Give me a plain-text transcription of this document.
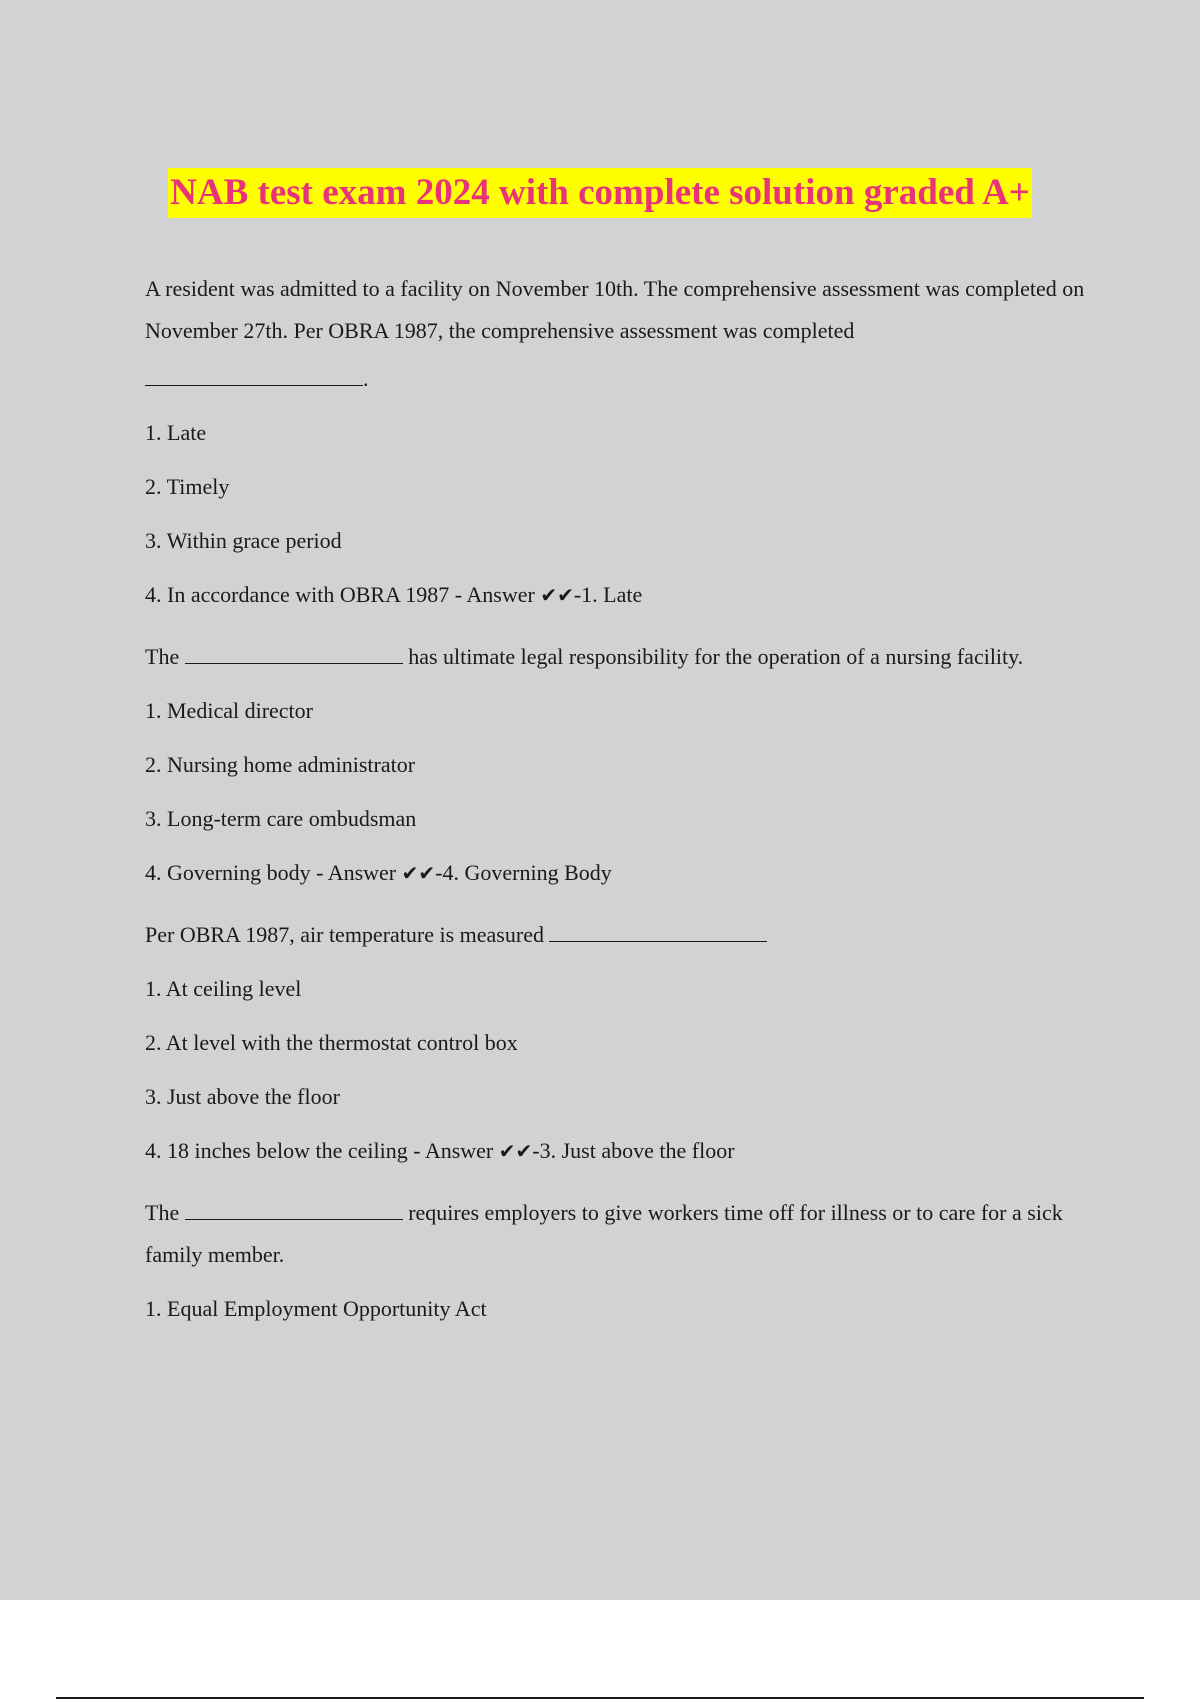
NAB test exam 2024 with complete solution graded A+

A resident was admitted to a facility on November 10th. The comprehensive assessment was completed on November 27th. Per OBRA 1987, the comprehensive assessment was completed
.

1. Late

2. Timely

3. Within grace period

4. In accordance with OBRA 1987 - Answer ✔✔-1. Late

The	has ultimate legal responsibility for the operation of a nursing facility.

1. Medical director

2. Nursing home administrator

3. Long-term care ombudsman

4. Governing body - Answer ✔✔-4. Governing Body

Per OBRA 1987, air temperature is measured

1. At ceiling level

2. At level with the thermostat control box

3. Just above the floor

4. 18 inches below the ceiling - Answer ✔✔-3. Just above the floor

The	requires employers to give workers time off for illness or to care for a sick family member.

1. Equal Employment Opportunity Act
